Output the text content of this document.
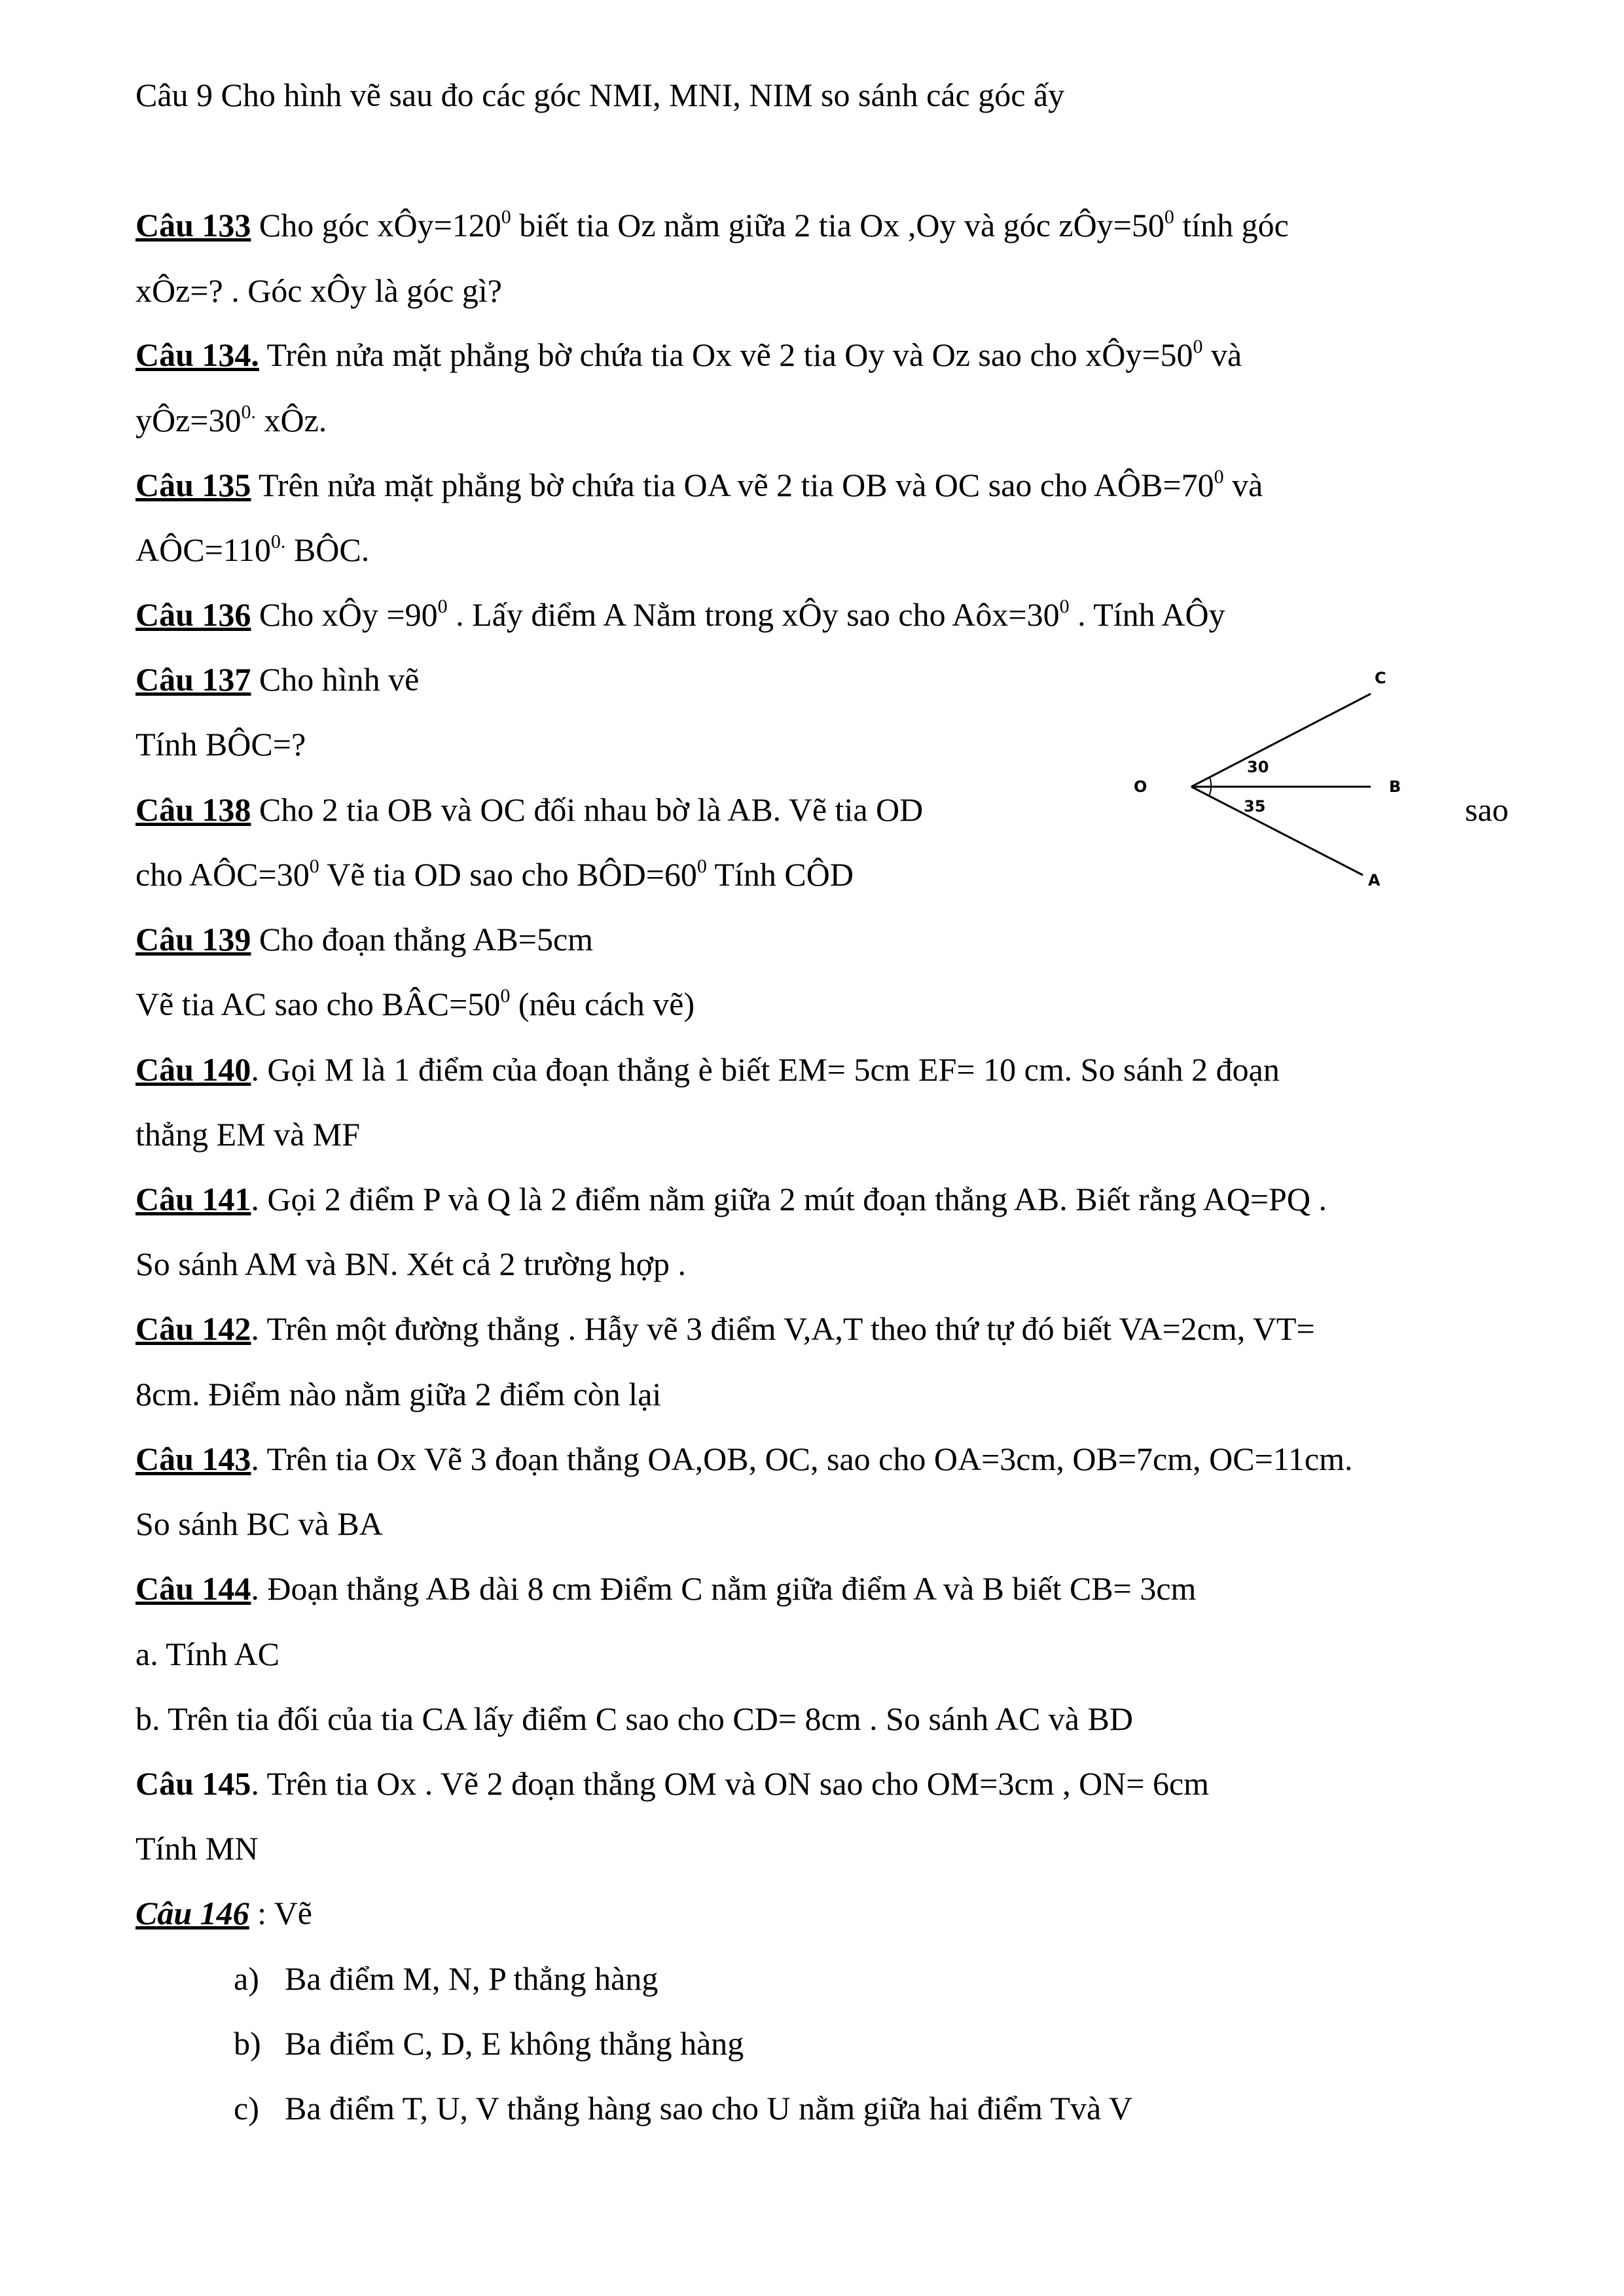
Câu 9 Cho hình vẽ sau đo các góc NMI, MNI, NIM so sánh các góc ấy
Câu 133 Cho góc $xÔy=120^0$ biết tia Oz nằm giữa 2 tia Ox ,Oy và góc $zÔy=50^0$ tính góc
xÔz=? . Góc xÔy là góc gì?
Câu 134. Trên nửa mặt phẳng bờ chứa tia Ox vẽ 2 tia Oy và Oz sao cho $xÔy=50^0$ và
$yÔz=30^{0.}$ xÔz.
Câu 135 Trên nửa mặt phẳng bờ chứa tia OA vẽ 2 tia OB và OC sao cho $AÔB=70^0$ và
$AÔC=110^{0.}$ BÔC.
Câu 136 Cho xÔy $=90^0$ . Lấy điểm A Nằm trong xÔy sao cho $Aôx=30^0$ . Tính AÔy
Câu 137 Cho hình vẽ
Tính BÔC=?
Câu 138 Cho 2 tia OB và OC đối nhau bờ là AB. Vẽ tia OD
cho $AÔC=30^0$ Vẽ tia OD sao cho $BÔD=60^0$ Tính CÔD
Câu 139 Cho đoạn thẳng AB=5cm
Vẽ tia AC sao cho $BÂC=50^0$ (nêu cách vẽ)
Câu 140. Gọi M là 1 điểm của đoạn thẳng è biết EM= 5cm EF= 10 cm. So sánh 2 đoạn
thẳng EM và MF
Câu 141. Gọi 2 điểm P và Q là 2 điểm nằm giữa 2 mút đoạn thẳng AB. Biết rằng AQ=PQ .
So sánh AM và BN. Xét cả 2 trường hợp .
Câu 142. Trên một đường thẳng . Hẫy vẽ 3 điểm V,A,T theo thứ tự đó biết VA=2cm, VT=
8cm. Điểm nào nằm giữa 2 điểm còn lại
Câu 143. Trên tia Ox Vẽ 3 đoạn thẳng OA,OB, OC, sao cho OA=3cm, OB=7cm, OC=11cm.
So sánh BC và BA
Câu 144. Đoạn thẳng AB dài 8 cm Điểm C nằm giữa điểm A và B biết CB= 3cm
a. Tính AC
b. Trên tia đối của tia CA lấy điểm C sao cho CD= 8cm . So sánh AC và BD
Câu 145. Trên tia Ox . Vẽ 2 đoạn thẳng OM và ON sao cho OM=3cm , ON= 6cm
Tính MN
Câu 146 : Vẽ
a) Ba điểm M, N, P thẳng hàng
b) Ba điểm C, D, E không thẳng hàng
c) Ba điểm T, U, V thẳng hàng sao cho U nằm giữa hai điểm Tvà V
sao
O
C
B
A
30
35
